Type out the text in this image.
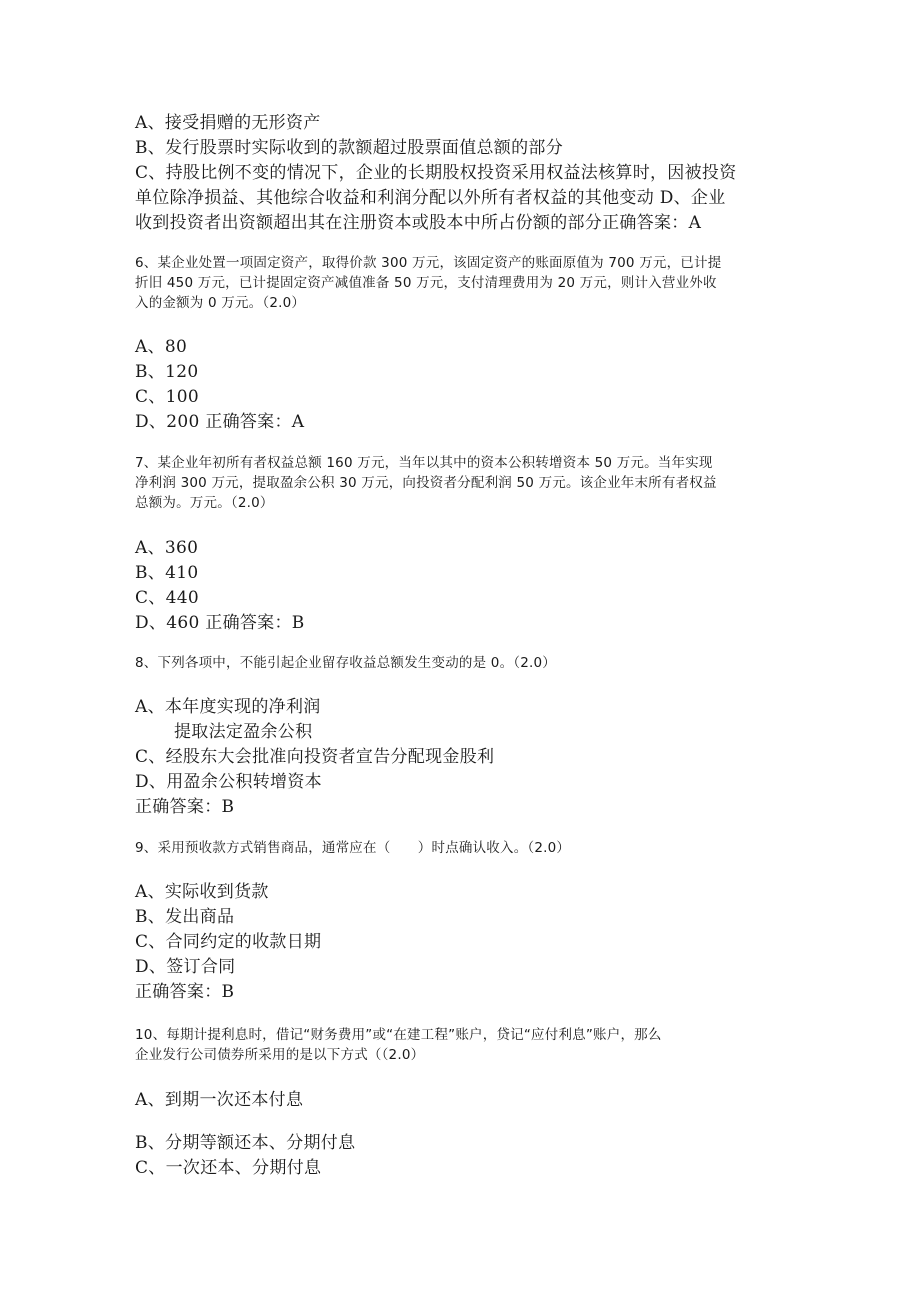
A、接受捐赠的无形资产

B、发行股票时实际收到的款额超过股票面值总额的部分

C、持股比例不变的情况下，企业的长期股权投资采用权益法核算时，因被投资

单位除净损益、其他综合收益和利润分配以外所有者权益的其他变动 D、企业

收到投资者出资额超出其在注册资本或股本中所占份额的部分正确答案：A

6、某企业处置一项固定资产，取得价款 300 万元，该固定资产的账面原值为 700 万元，已计提

折旧 450 万元，已计提固定资产减值准备 50 万元，支付清理费用为 20 万元，则计入营业外收

入的金额为 0 万元。（2.0）

A、80

B、120

C、100

D、200 正确答案：A

7、某企业年初所有者权益总额 160 万元，当年以其中的资本公积转增资本 50 万元。当年实现

净利润 300 万元，提取盈余公积 30 万元，向投资者分配利润 50 万元。该企业年末所有者权益

总额为。万元。（2.0）

A、360

B、410

C、440

D、460 正确答案：B

8、下列各项中，不能引起企业留存收益总额发生变动的是 0。（2.0）

A、本年度实现的净利润

提取法定盈余公积

C、经股东大会批准向投资者宣告分配现金股利

D、用盈余公积转增资本

正确答案：B

9、采用预收款方式销售商品，通常应在（　　）时点确认收入。（2.0）

A、实际收到货款

B、发出商品

C、合同约定的收款日期

D、签订合同

正确答案：B

10、每期计提利息时，借记“财务费用”或“在建工程”账户，贷记“应付利息”账户，那么

企业发行公司债券所采用的是以下方式（（2.0）

A、到期一次还本付息

B、分期等额还本、分期付息

C、一次还本、分期付息
